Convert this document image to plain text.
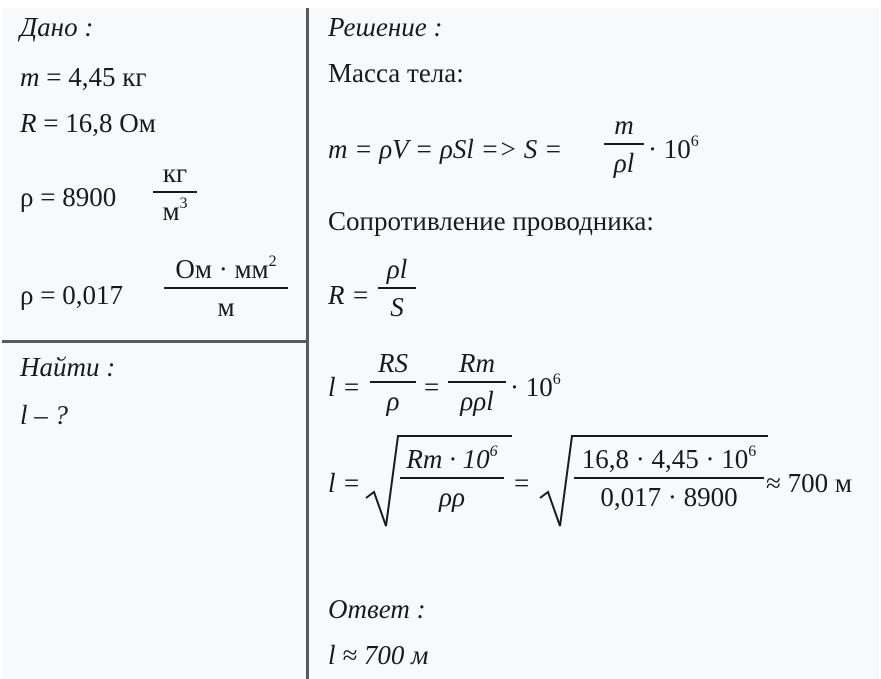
Дано :
m = 4,45 кг
R = 16,8 Ом
ρ = 8900
кг
$м^3$
ρ = 0,017
Ом · $мм^2$
м
Найти :
l – ?
Решение :
Масса тела:
m = ρV = ρSl => S =
m
$\rho l \cdot 10^6$
Сопротивление проводника:
R =
ρl
S
l =
RS
ρ =
Rm
$\rho\rho l \cdot 10^6$
l =
$Rm \cdot 10^6$
ρρ	=
$16,8 \cdot 4,45 \cdot 10^6$
0,017 · 8900	≈ 700 м
Ответ :
l ≈ 700 м
